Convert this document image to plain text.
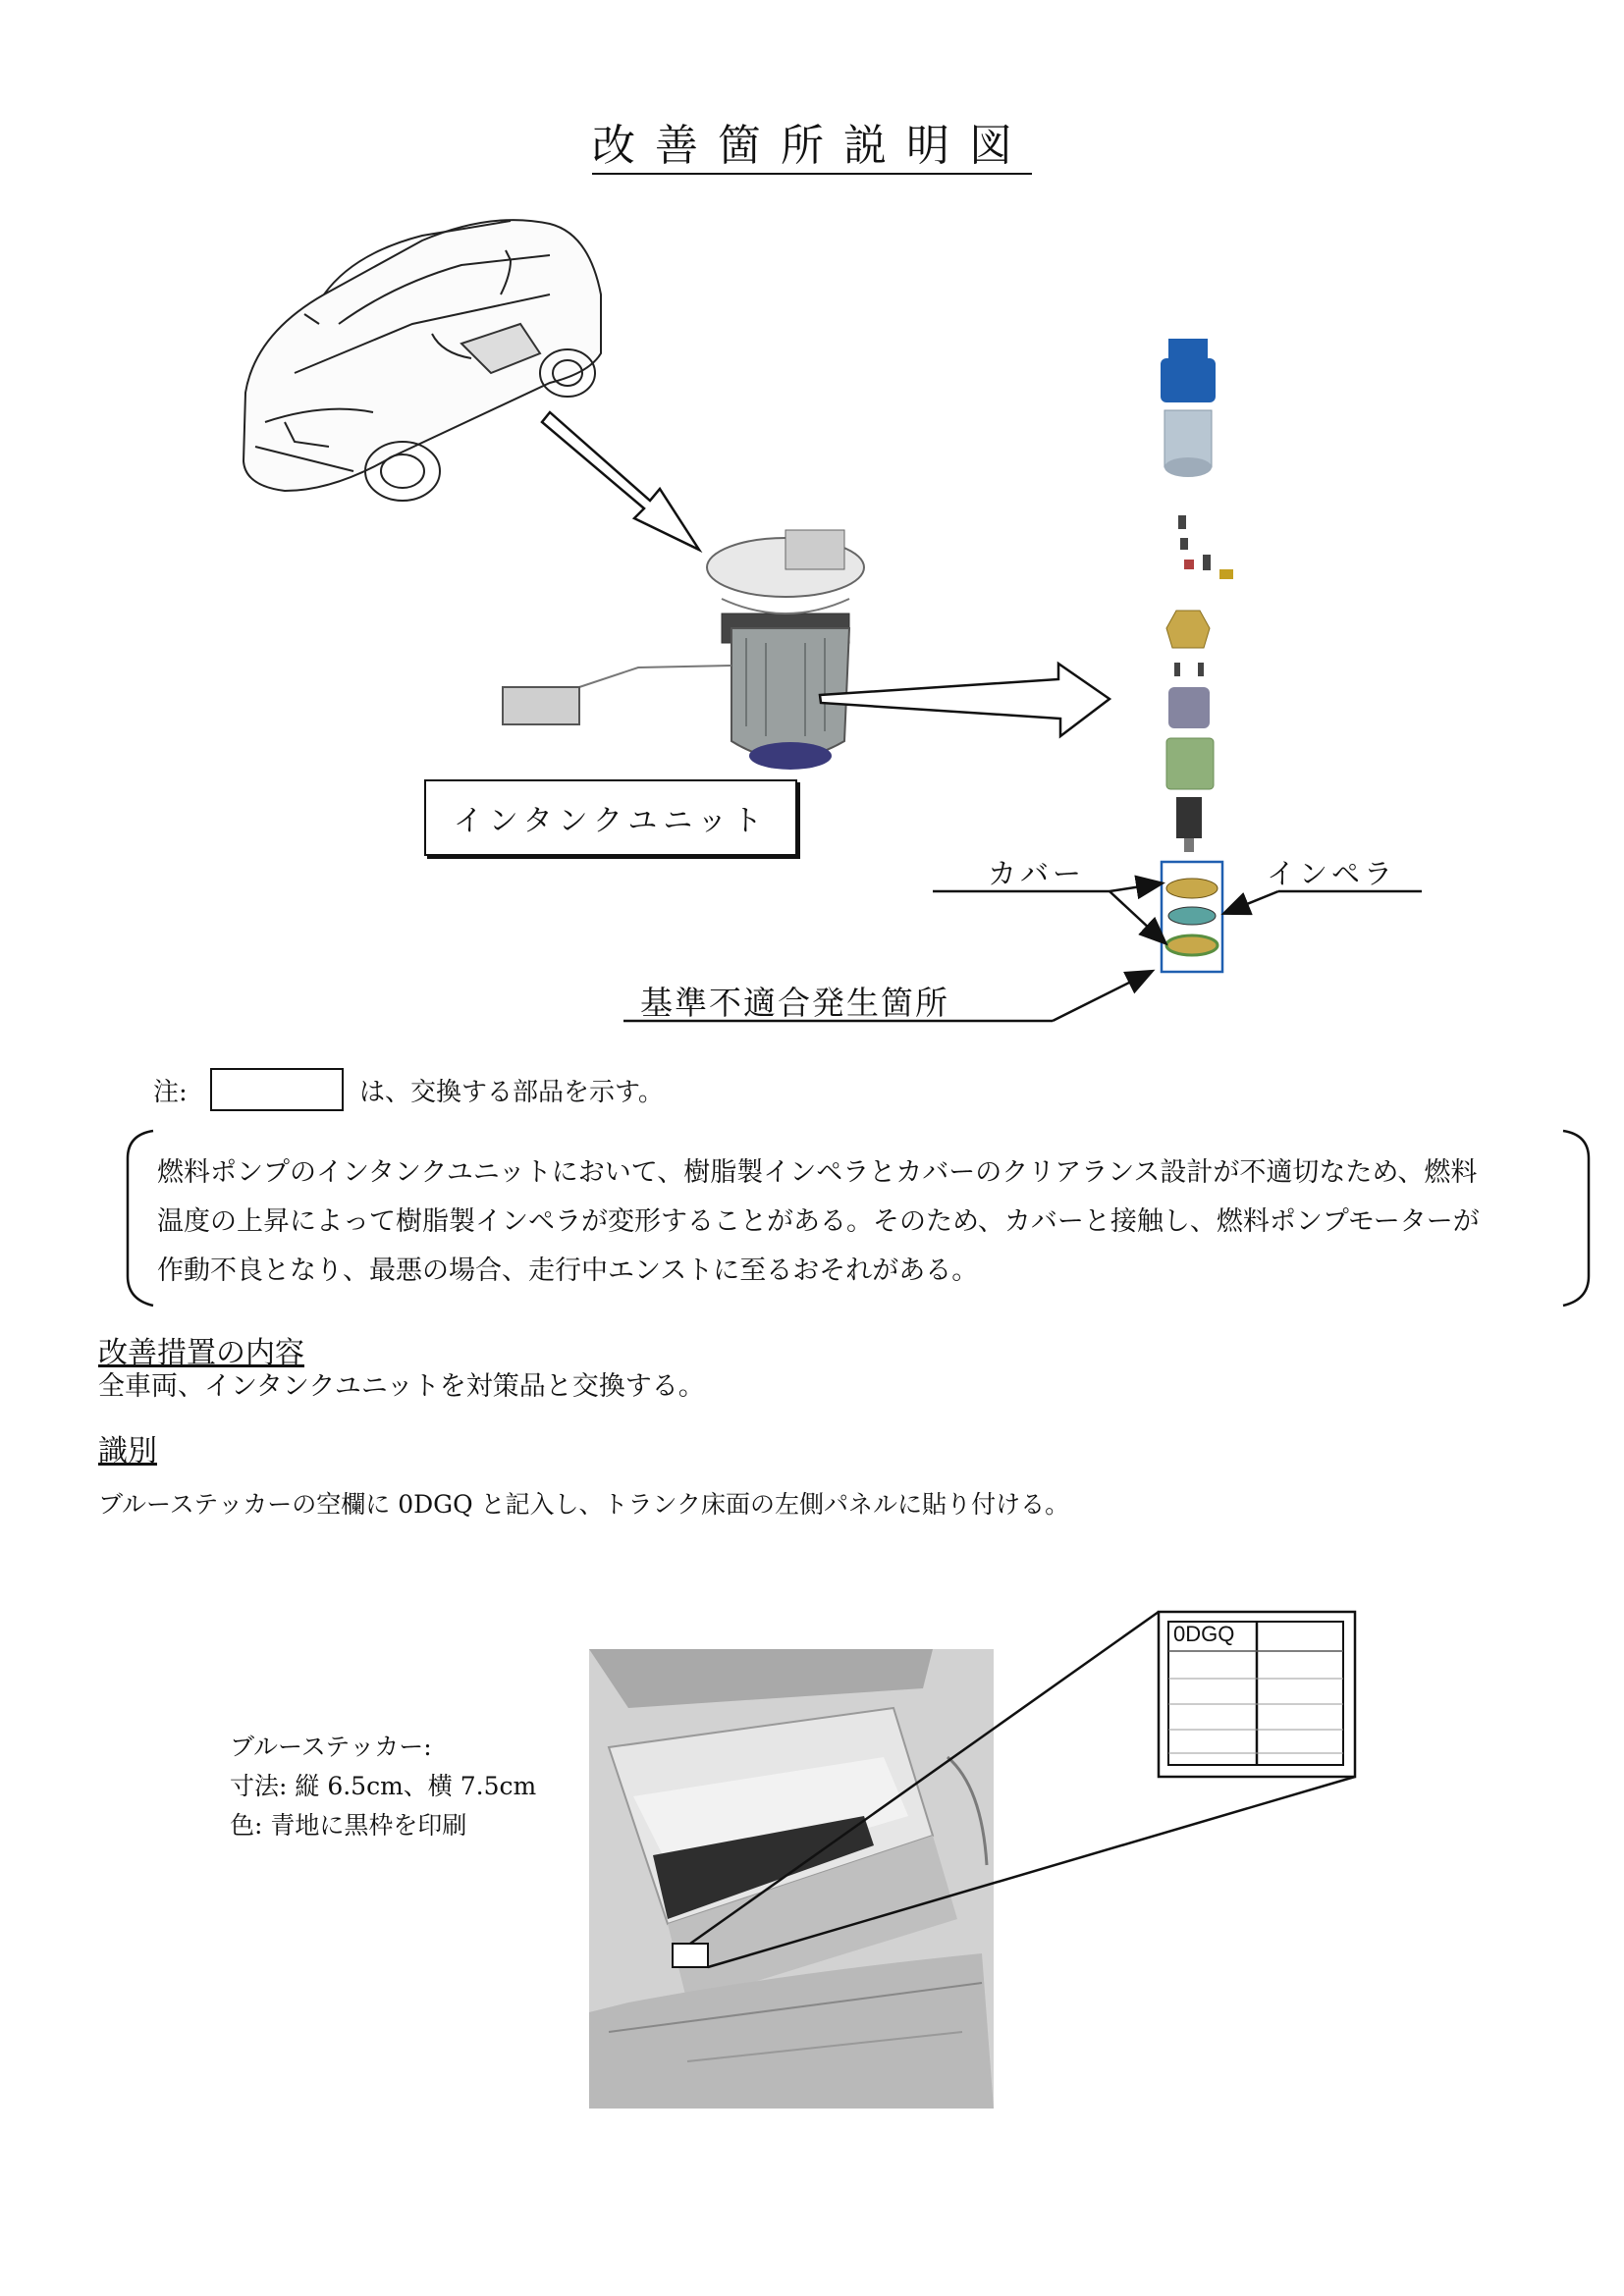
改善箇所説明図
0DGQ
インタンクユニット
カバー	インペラ
基準不適合発生箇所
注:	は、交換する部品を示す。
燃料ポンプのインタンクユニットにおいて、樹脂製インペラとカバーのクリアランス設計が不適切なため、燃料
温度の上昇によって樹脂製インペラが変形することがある。そのため、カバーと接触し、燃料ポンプモーターが
作動不良となり、最悪の場合、走行中エンストに至るおそれがある。
改善措置の内容
全車両、インタンクユニットを対策品と交換する。
識別
ブルーステッカーの空欄に 0DGQ と記入し、トランク床面の左側パネルに貼り付ける。
ブルーステッカー:
寸法: 縦 6.5cm、横 7.5cm
色: 青地に黒枠を印刷
